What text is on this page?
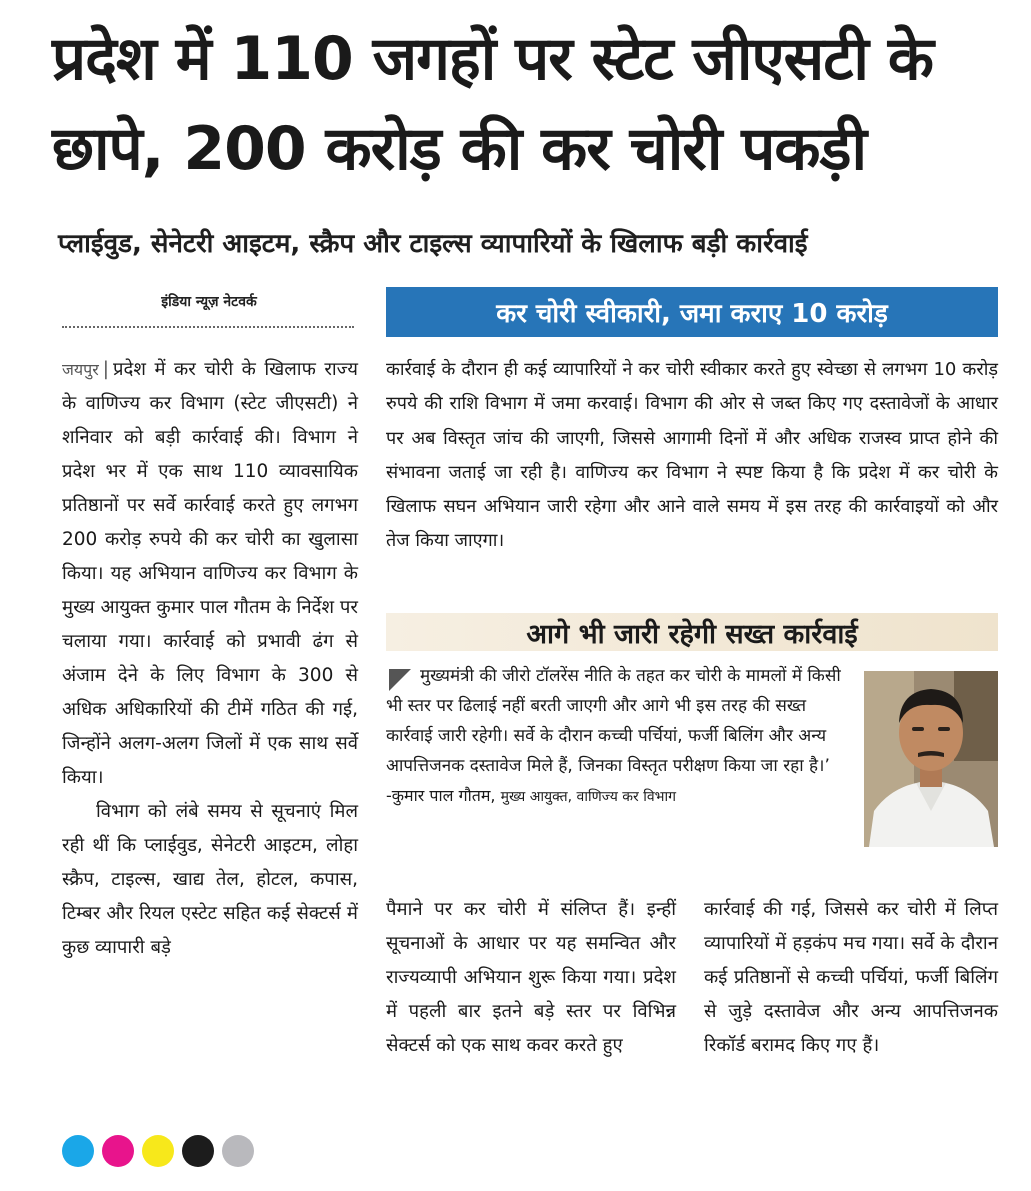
प्रदेश में 110 जगहों पर स्टेट जीएसटी के
छापे, 200 करोड़ की कर चोरी पकड़ी
प्लाईवुड, सेनेटरी आइटम, स्क्रैप और टाइल्स व्यापारियों के खिलाफ बड़ी कार्रवाई
इंडिया न्यूज़ नेटवर्क

जयपुर | प्रदेश में कर चोरी के खिलाफ राज्य के वाणिज्य कर विभाग (स्टेट जीएसटी) ने शनिवार को बड़ी कार्रवाई की। विभाग ने प्रदेश भर में एक साथ 110 व्यावसायिक प्रतिष्ठानों पर सर्वे कार्रवाई करते हुए लगभग 200 करोड़ रुपये की कर चोरी का खुलासा किया। यह अभियान वाणिज्य कर विभाग के मुख्य आयुक्त कुमार पाल गौतम के निर्देश पर चलाया गया। कार्रवाई को प्रभावी ढंग से अंजाम देने के लिए विभाग के 300 से अधिक अधिकारियों की टीमें गठित की गई, जिन्होंने अलग-अलग जिलों में एक साथ सर्वे किया।

विभाग को लंबे समय से सूचनाएं मिल रही थीं कि प्लाईवुड, सेनेटरी आइटम, लोहा स्क्रैप, टाइल्स, खाद्य तेल, होटल, कपास, टिम्बर और रियल एस्टेट सहित कई सेक्टर्स में कुछ व्यापारी बड़े

कर चोरी स्वीकारी, जमा कराए 10 करोड़

कार्रवाई के दौरान ही कई व्यापारियों ने कर चोरी स्वीकार करते हुए स्वेच्छा से लगभग 10 करोड़ रुपये की राशि विभाग में जमा करवाई। विभाग की ओर से जब्त किए गए दस्तावेजों के आधार पर अब विस्तृत जांच की जाएगी, जिससे आगामी दिनों में और अधिक राजस्व प्राप्त होने की संभावना जताई जा रही है। वाणिज्य कर विभाग ने स्पष्ट किया है कि प्रदेश में कर चोरी के खिलाफ सघन अभियान जारी रहेगा और आने वाले समय में इस तरह की कार्रवाइयों को और तेज किया जाएगा।

आगे भी जारी रहेगी सख्त कार्रवाई

मुख्यमंत्री की जीरो टॉलरेंस नीति के तहत कर चोरी के मामलों में किसी भी स्तर पर ढिलाई नहीं बरती जाएगी और आगे भी इस तरह की सख्त कार्रवाई जारी रहेगी। सर्वे के दौरान कच्ची पर्चियां, फर्जी बिलिंग और अन्य आपत्तिजनक दस्तावेज मिले हैं, जिनका विस्तृत परीक्षण किया जा रहा है।’

-कुमार पाल गौतम, मुख्य आयुक्त, वाणिज्य कर विभाग

पैमाने पर कर चोरी में संलिप्त हैं। इन्हीं सूचनाओं के आधार पर यह समन्वित और राज्यव्यापी अभियान शुरू किया गया। प्रदेश में पहली बार इतने बड़े स्तर पर विभिन्न सेक्टर्स को एक साथ कवर करते हुए

कार्रवाई की गई, जिससे कर चोरी में लिप्त व्यापारियों में हड़कंप मच गया। सर्वे के दौरान कई प्रतिष्ठानों से कच्ची पर्चियां, फर्जी बिलिंग से जुड़े दस्तावेज और अन्य आपत्तिजनक रिकॉर्ड बरामद किए गए हैं।
